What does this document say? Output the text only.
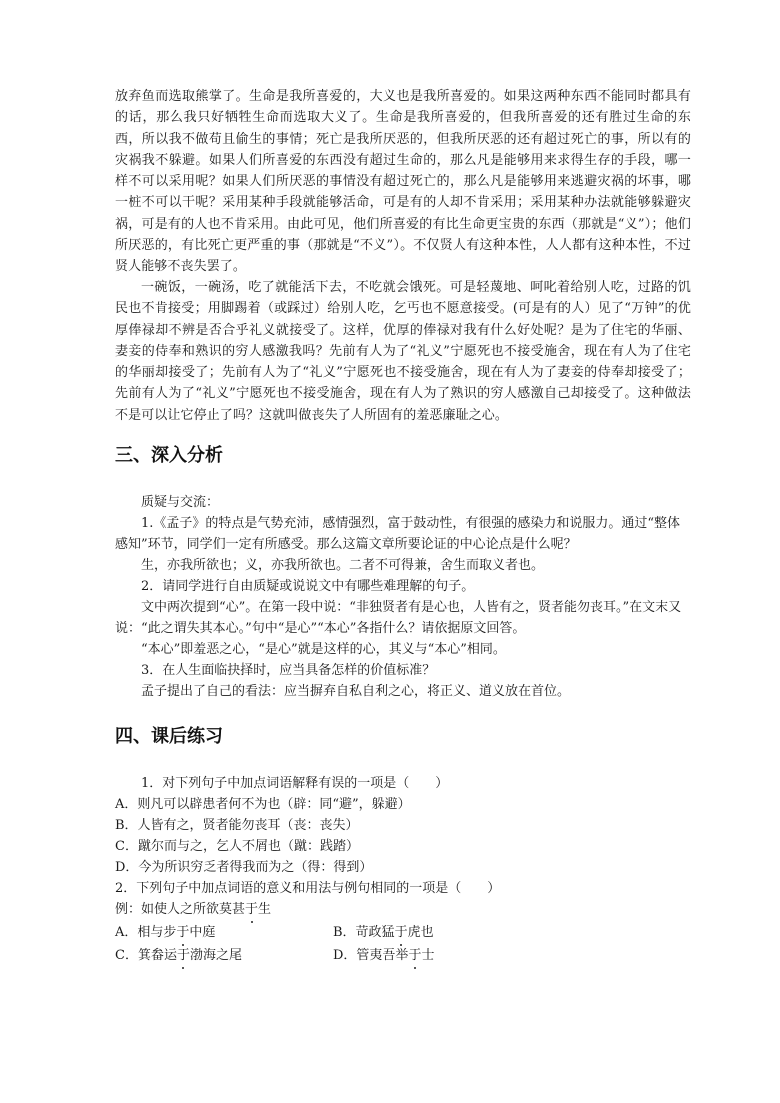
放弃鱼而选取熊掌了。生命是我所喜爱的，大义也是我所喜爱的。如果这两种东西不能同时都具有的话，那么我只好牺牲生命而选取大义了。生命是我所喜爱的，但我所喜爱的还有胜过生命的东西，所以我不做苟且偷生的事情；死亡是我所厌恶的，但我所厌恶的还有超过死亡的事，所以有的灾祸我不躲避。如果人们所喜爱的东西没有超过生命的，那么凡是能够用来求得生存的手段，哪一样不可以采用呢？如果人们所厌恶的事情没有超过死亡的，那么凡是能够用来逃避灾祸的坏事，哪一桩不可以干呢？采用某种手段就能够活命，可是有的人却不肯采用；采用某种办法就能够躲避灾祸，可是有的人也不肯采用。由此可见，他们所喜爱的有比生命更宝贵的东西（那就是“义”）；他们所厌恶的，有比死亡更严重的事（那就是“不义”）。不仅贤人有这种本性，人人都有这种本性，不过贤人能够不丧失罢了。

一碗饭，一碗汤，吃了就能活下去，不吃就会饿死。可是轻蔑地、呵叱着给别人吃，过路的饥民也不肯接受；用脚踢着（或踩过）给别人吃，乞丐也不愿意接受。(可是有的人）见了“万钟”的优厚俸禄却不辨是否合乎礼义就接受了。这样，优厚的俸禄对我有什么好处呢？是为了住宅的华丽、妻妾的侍奉和熟识的穷人感激我吗？先前有人为了“礼义”宁愿死也不接受施舍，现在有人为了住宅的华丽却接受了；先前有人为了“礼义”宁愿死也不接受施舍，现在有人为了妻妾的侍奉却接受了；先前有人为了“礼义”宁愿死也不接受施舍，现在有人为了熟识的穷人感激自己却接受了。这种做法不是可以让它停止了吗？这就叫做丧失了人所固有的羞恶廉耻之心。

三、深入分析

质疑与交流：

1.《孟子》的特点是气势充沛，感情强烈，富于鼓动性，有很强的感染力和说服力。通过“整体

感知”环节，同学们一定有所感受。那么这篇文章所要论证的中心论点是什么呢？

生，亦我所欲也；义，亦我所欲也。二者不可得兼，舍生而取义者也。

2．请同学进行自由质疑或说说文中有哪些难理解的句子。

文中两次提到“心”。在第一段中说：“非独贤者有是心也，人皆有之，贤者能勿丧耳。”在文末又

说：“此之谓失其本心。”句中“是心”“本心”各指什么？请依据原文回答。

“本心”即羞恶之心，“是心”就是这样的心，其义与“本心”相同。

3．在人生面临抉择时，应当具备怎样的价值标准？

孟子提出了自己的看法：应当摒弃自私自利之心，将正义、道义放在首位。

四、课后练习

1．对下列句子中加点词语解释有误的一项是（　　）

A．则凡可以辟患者何不为也（辟：同“避”，躲避）

B．人皆有之，贤者能勿丧耳（丧：丧失）

C．蹴尔而与之，乞人不屑也（蹴：践踏）

D．今为所识穷乏者得我而为之（得：得到）

2．下列句子中加点词语的意义和用法与例句相同的一项是（　　）

例：如使人之所欲莫甚于生

A．相与步于中庭	B．苛政猛于虎也

C．箕畚运于渤海之尾	D．管夷吾举于士
